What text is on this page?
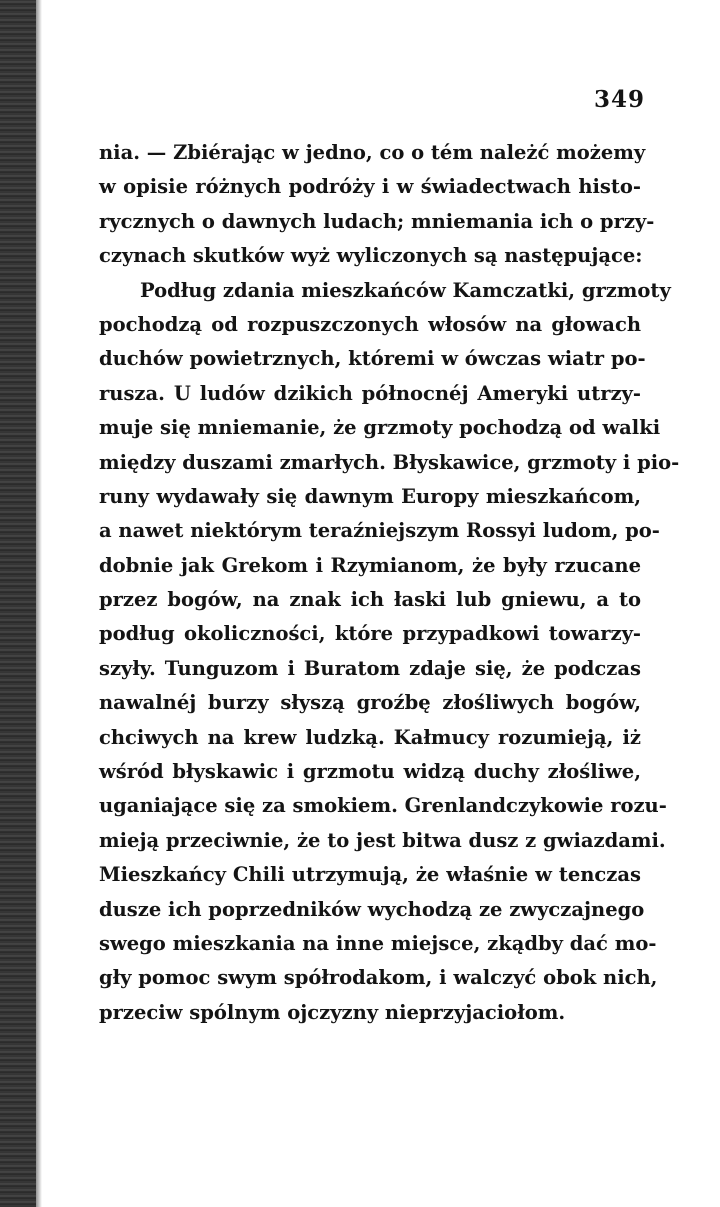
349
nia. — Zbiérając w jedno, co o tém należć możemy
w opisie różnych podróży i w świadectwach histo-
rycznych o dawnych ludach; mniemania ich o przy-
czynach skutków wyż wyliczonych są następujące:
Podług zdania mieszkańców Kamczatki, grzmoty
pochodzą od rozpuszczonych włosów na głowach
duchów powietrznych, któremi w ówczas wiatr po-
rusza. U ludów dzikich północnéj Ameryki utrzy-
muje się mniemanie, że grzmoty pochodzą od walki
między duszami zmarłych. Błyskawice, grzmoty i pio-
runy wydawały się dawnym Europy mieszkańcom,
a nawet niektórym teraźniejszym Rossyi ludom, po-
dobnie jak Grekom i Rzymianom, że były rzucane
przez bogów, na znak ich łaski lub gniewu, a to
podług okoliczności, które przypadkowi towarzy-
szyły. Tunguzom i Buratom zdaje się, że podczas
nawalnéj burzy słyszą groźbę złośliwych bogów,
chciwych na krew ludzką. Kałmucy rozumieją, iż
wśród błyskawic i grzmotu widzą duchy złośliwe,
uganiające się za smokiem. Grenlandczykowie rozu-
mieją przeciwnie, że to jest bitwa dusz z gwiazdami.
Mieszkańcy Chili utrzymują, że właśnie w tenczas
dusze ich poprzedników wychodzą ze zwyczajnego
swego mieszkania na inne miejsce, zkądby dać mo-
gły pomoc swym spółrodakom, i walczyć obok nich,
przeciw spólnym ojczyzny nieprzyjaciołom.
